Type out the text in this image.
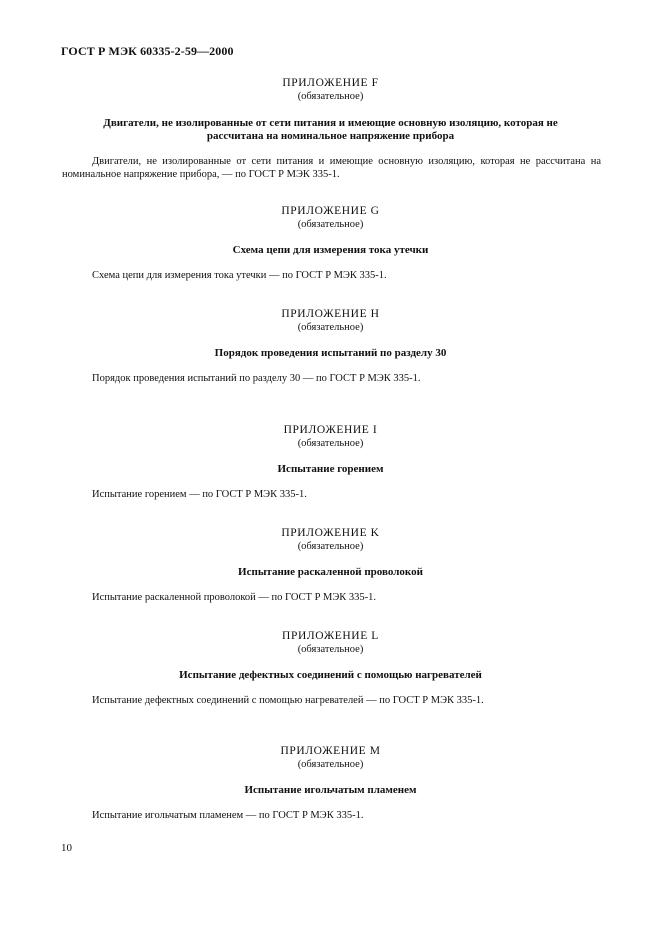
ГОСТ Р МЭК 60335-2-59—2000
ПРИЛОЖЕНИЕ F
(обязательное)
Двигатели, не изолированные от сети питания и имеющие основную изоляцию, которая не рассчитана на номинальное напряжение прибора
Двигатели, не изолированные от сети питания и имеющие основную изоляцию, которая не рассчитана на номинальное напряжение прибора, — по ГОСТ Р МЭК 335-1.
ПРИЛОЖЕНИЕ G
(обязательное)
Схема цепи для измерения тока утечки
Схема цепи для измерения тока утечки — по ГОСТ Р МЭК 335-1.
ПРИЛОЖЕНИЕ H
(обязательное)
Порядок проведения испытаний по разделу 30
Порядок проведения испытаний по разделу 30 — по ГОСТ Р МЭК 335-1.
ПРИЛОЖЕНИЕ I
(обязательное)
Испытание горением
Испытание горением — по ГОСТ Р МЭК 335-1.
ПРИЛОЖЕНИЕ K
(обязательное)
Испытание раскаленной проволокой
Испытание раскаленной проволокой — по ГОСТ Р МЭК 335-1.
ПРИЛОЖЕНИЕ L
(обязательное)
Испытание дефектных соединений с помощью нагревателей
Испытание дефектных соединений с помощью нагревателей — по ГОСТ Р МЭК 335-1.
ПРИЛОЖЕНИЕ M
(обязательное)
Испытание игольчатым пламенем
Испытание игольчатым пламенем — по ГОСТ Р МЭК 335-1.
10
